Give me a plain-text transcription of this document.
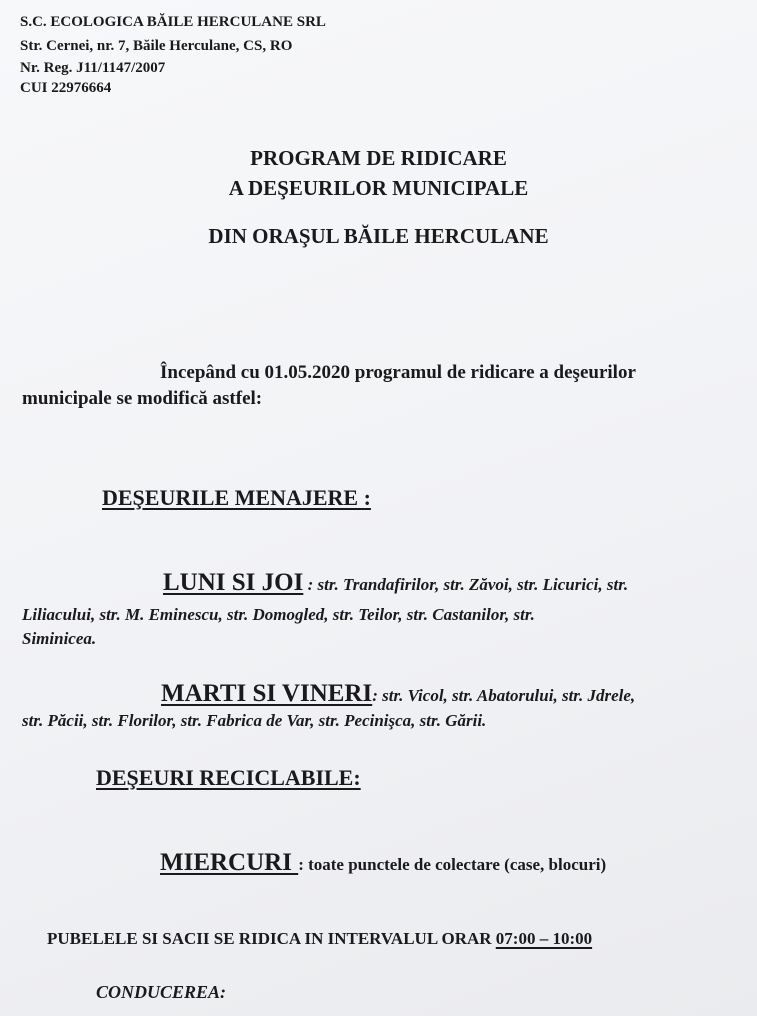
S.C. ECOLOGICA BĂILE HERCULANE SRL
Str. Cernei, nr. 7, Băile Herculane, CS, RO
Nr. Reg. J11/1147/2007
CUI 22976664
PROGRAM DE RIDICARE
A DEŞEURILOR MUNICIPALE
DIN ORAŞUL BĂILE HERCULANE
Începând cu 01.05.2020 programul de ridicare a deşeurilor
municipale se modifică astfel:
DEŞEURILE MENAJERE :
LUNI SI JOI : str. Trandafirilor, str. Zăvoi, str. Licurici, str.
Liliacului, str. M. Eminescu, str. Domogled, str. Teilor, str. Castanilor, str.
Siminicea.
MARTI SI VINERI: str. Vicol, str. Abatorului, str. Jdrele,
str. Păcii, str. Florilor, str. Fabrica de Var, str. Pecinişca, str. Gării.
DEŞEURI RECICLABILE:
MIERCURI : toate punctele de colectare (case, blocuri)
PUBELELE SI SACII SE RIDICA IN INTERVALUL ORAR 07:00 – 10:00
CONDUCEREA:
